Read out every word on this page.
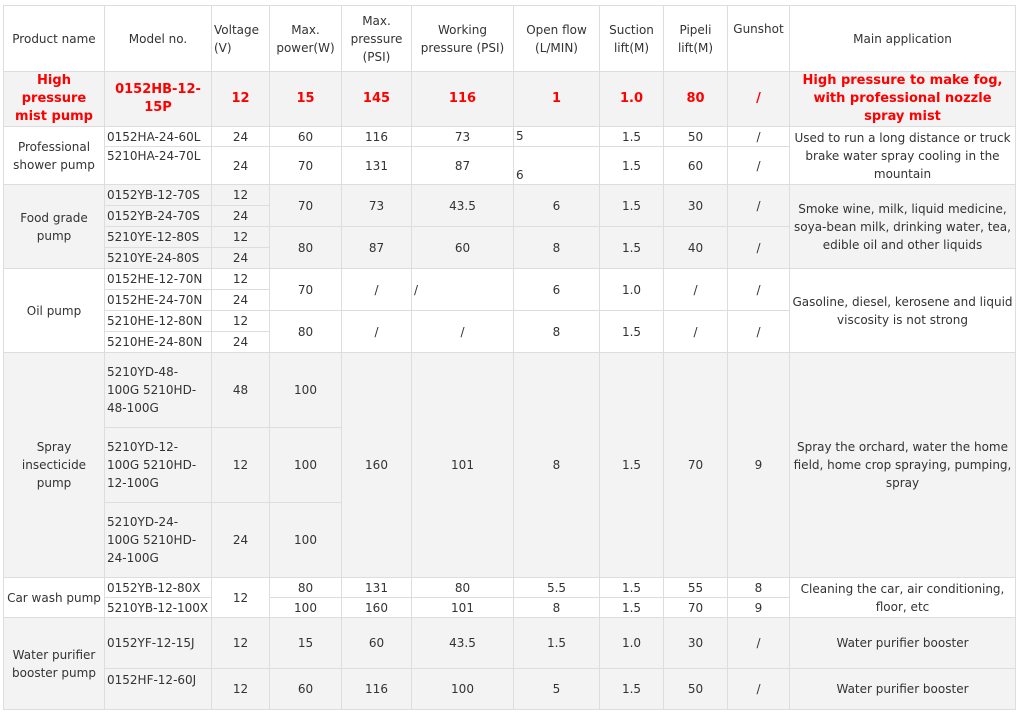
Product name	Model no.	Voltage (V)	Max. power(W)	Max. pressure (PSI)	Working pressure (PSI)	Open flow (L/MIN)	Suction lift(M)	Pipeli lift(M)	Gunshot	Main application
High pressure mist pump	0152HB-12-15P	12	15	145	116	1	1.0	80	/	High pressure to make fog, with professional nozzle spray mist
Professional shower pump	0152HA-24-60L	24	60	116	73	5	1.5	50	/	Used to run a long distance or truck brake water spray cooling in the mountain
	5210HA-24-70L	24	70	131	87	6	1.5	60	/	
Food grade pump	0152YB-12-70S	12	70	73	43.5	6	1.5	30	/	Smoke wine, milk, liquid medicine, soya-bean milk, drinking water, tea, edible oil and other liquids
	0152YB-24-70S	24								
	5210YE-12-80S	12	80	87	60	8	1.5	40	/	
	5210YE-24-80S	24								
Oil pump	0152HE-12-70N	12	70	/	/	6	1.0	/	/	Gasoline, diesel, kerosene and liquid viscosity is not strong
	0152HE-24-70N	24								
	5210HE-12-80N	12	80	/	/	8	1.5	/	/	
	5210HE-24-80N	24								
Spray insecticide pump	5210YD-48-100G 5210HD-48-100G	48	100	160	101	8	1.5	70	9	Spray the orchard, water the home field, home crop spraying, pumping, spray
	5210YD-12-100G 5210HD-12-100G	12	100							
	5210YD-24-100G 5210HD-24-100G	24	100							
Car wash pump	0152YB-12-80X	12	80	131	80	5.5	1.5	55	8	Cleaning the car, air conditioning, floor, etc
	5210YB-12-100X		100	160	101	8	1.5	70	9	
Water purifier booster pump	0152YF-12-15J	12	15	60	43.5	1.5	1.0	30	/	Water purifier booster
	0152HF-12-60J	12	60	116	100	5	1.5	50	/	Water purifier booster
